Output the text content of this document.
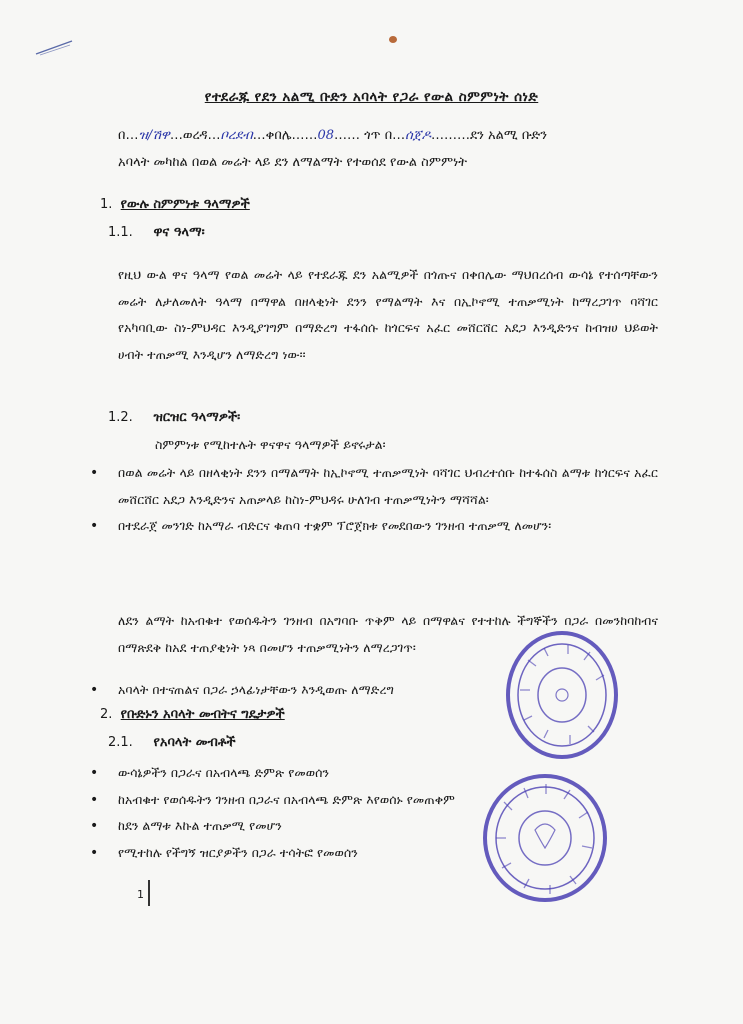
የተደራጁ የደን አልሚ ቡድን አባላት የጋራ የውል ስምምነት ሰነድ
በ…ዝ/ሽዋ…ወረዳ…ቦረደብ…ቀበሌ……08…… ጎጥ በ…ሰጀዶ………ደን አልሚ ቡድን
አባላት መካከል በወል መሬት ላይ ደን ለማልማት የተወሰደ የውል ስምምነት
1. የውሉ ስምምነቱ ዓላማዎች
1.1. ዋና ዓላማ፡
የዚህ ውል ዋና ዓላማ የወል መሬት ላይ የተደራጁ ደን አልሚዎች በጎጡና በቀበሌው ማህበረሰብ ውሳኔ የተሰጣቸውን መሬት ለታለመለት ዓላማ በማዋል በዘላቂነት ደንን የማልማት እና በኢኮኖሚ ተጠቃሚነት ከማረጋገጥ ባሻገር የአካባቢው ስነ-ምህዳር እንዲያገግም በማድረግ ተፋሰሱ ከጎርፍና አፈር መሸርሸር አደጋ እንዲድንና ከብዝሀ ህይወት ሀብት ተጠቃሚ እንዲሆን ለማድረግ ነው፡፡
1.2. ዝርዝር ዓላማዎች፡
ስምምነቱ የሚከተሉት ዋናዋና ዓላማዎች ይኖሩታል፡
• በወል መሬት ላይ በዘላቂነት ደንን በማልማት ከኢኮኖሚ ተጠቃሚነት ባሻገር ህብረተሰቡ ከተፋሰስ ልማቱ ከጎርፍና አፈር መሸርሸር አደጋ እንዲድንና አጠቃላይ ከስነ-ምህዳሩ ሁለገብ ተጠቃሚነትን ማሻሻል፡
• በተደራጀ መንገድ ከአማራ ብድርና ቁጠባ ተቋም ፕሮጀክቱ የመደበውን ገንዘብ ተጠቃሚ ለመሆን፡
ለደን ልማት ከአብቁተ የወሰዱትን ገንዘብ በአግባቡ ጥቅም ላይ በማዋልና የተተከሉ ችግኞችን በጋራ በመንከባከብና በማጽደቅ ከአደ ተጠያቂነት ነጻ በመሆን ተጠቃሚነትን ለማረጋገጥ፡
• አባላት በተናጠልና በጋራ ኃላፊነታቸውን እንዲወጡ ለማድረግ
2. የቡድኑን አባላት መብትና ግዴታዎች
2.1. የአባላት መብቶች
• ውሳኔዎችን በጋራና በአብላጫ ድምጽ የመወሰን
• ከአብቁተ የወሰዱትን ገንዘብ በጋራና በአብላጫ ድምጽ እየወሰኑ የመጠቀም
• ከደን ልማቱ እኩል ተጠቃሚ የመሆን
• የሚተከሉ የችግኝ ዝርያዎችን በጋራ ተሳትፎ የመወሰን
1
